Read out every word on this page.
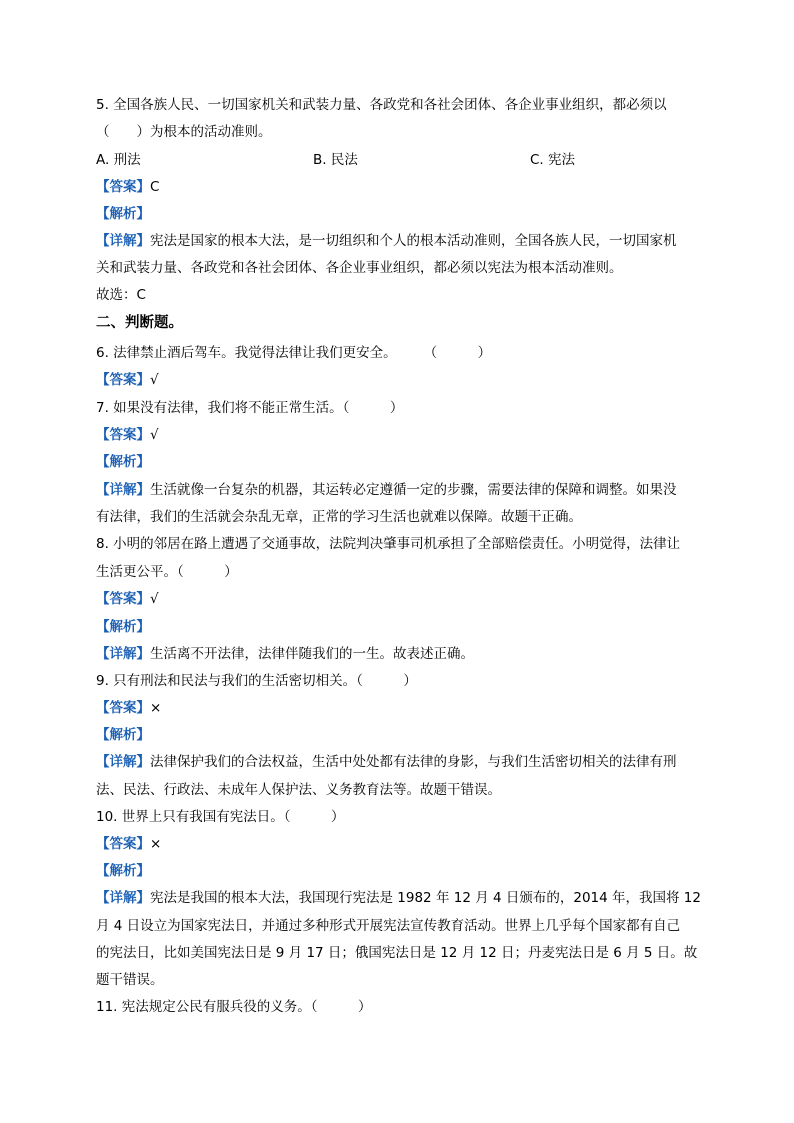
5. 全国各族人民、一切国家机关和武装力量、各政党和各社会团体、各企业事业组织，都必须以
（　　）为根本的活动准则。
A. 刑法	B. 民法	C. 宪法
【答案】C
【解析】
【详解】宪法是国家的根本大法，是一切组织和个人的根本活动准则，全国各族人民，一切国家机
关和武装力量、各政党和各社会团体、各企业事业组织，都必须以宪法为根本活动准则。
故选：C
二、判断题。
6. 法律禁止酒后驾车。我觉得法律让我们更安全。　　　（　　　）
【答案】√
7. 如果没有法律，我们将不能正常生活。（　　　）
【答案】√
【解析】
【详解】生活就像一台复杂的机器，其运转必定遵循一定的步骤，需要法律的保障和调整。如果没
有法律，我们的生活就会杂乱无章，正常的学习生活也就难以保障。故题干正确。
8. 小明的邻居在路上遭遇了交通事故，法院判决肇事司机承担了全部赔偿责任。小明觉得，法律让
生活更公平。（　　　）
【答案】√
【解析】
【详解】生活离不开法律，法律伴随我们的一生。故表述正确。
9. 只有刑法和民法与我们的生活密切相关。（　　　）
【答案】×
【解析】
【详解】法律保护我们的合法权益，生活中处处都有法律的身影，与我们生活密切相关的法律有刑
法、民法、行政法、未成年人保护法、义务教育法等。故题干错误。
10. 世界上只有我国有宪法日。（　　　）
【答案】×
【解析】
【详解】宪法是我国的根本大法，我国现行宪法是 1982 年 12 月 4 日颁布的，2014 年，我国将 12
月 4 日设立为国家宪法日，并通过多种形式开展宪法宣传教育活动。世界上几乎每个国家都有自己
的宪法日，比如美国宪法日是 9 月 17 日；俄国宪法日是 12 月 12 日；丹麦宪法日是 6 月 5 日。故
题干错误。
11. 宪法规定公民有服兵役的义务。（　　　）
